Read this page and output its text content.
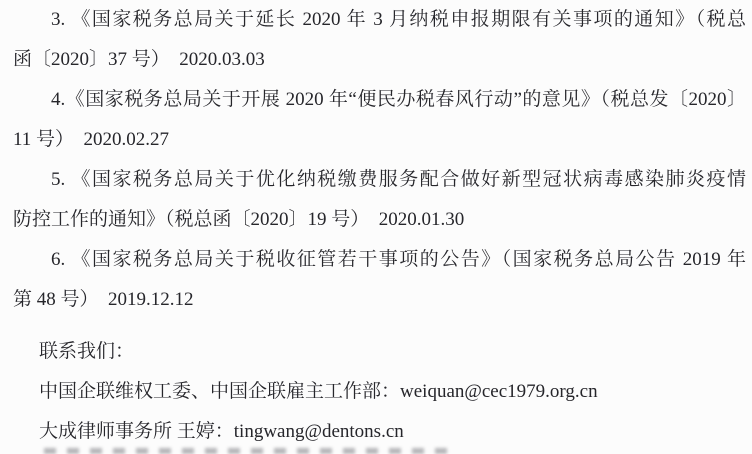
3. 《国家税务总局关于延长 2020 年 3 月纳税申报期限有关事项的通知》（税总
函〔2020〕37 号）  2020.03.03
4.《国家税务总局关于开展 2020 年“便民办税春风行动”的意见》（税总发〔2020〕
11 号）  2020.02.27
5. 《国家税务总局关于优化纳税缴费服务配合做好新型冠状病毒感染肺炎疫情
防控工作的通知》（税总函〔2020〕19 号）  2020.01.30
6. 《国家税务总局关于税收征管若干事项的公告》（国家税务总局公告 2019 年
第 48 号）  2019.12.12
联系我们：
中国企联维权工委、中国企联雇主工作部：weiquan@cec1979.org.cn
大成律师事务所 王婷：tingwang@dentons.cn
